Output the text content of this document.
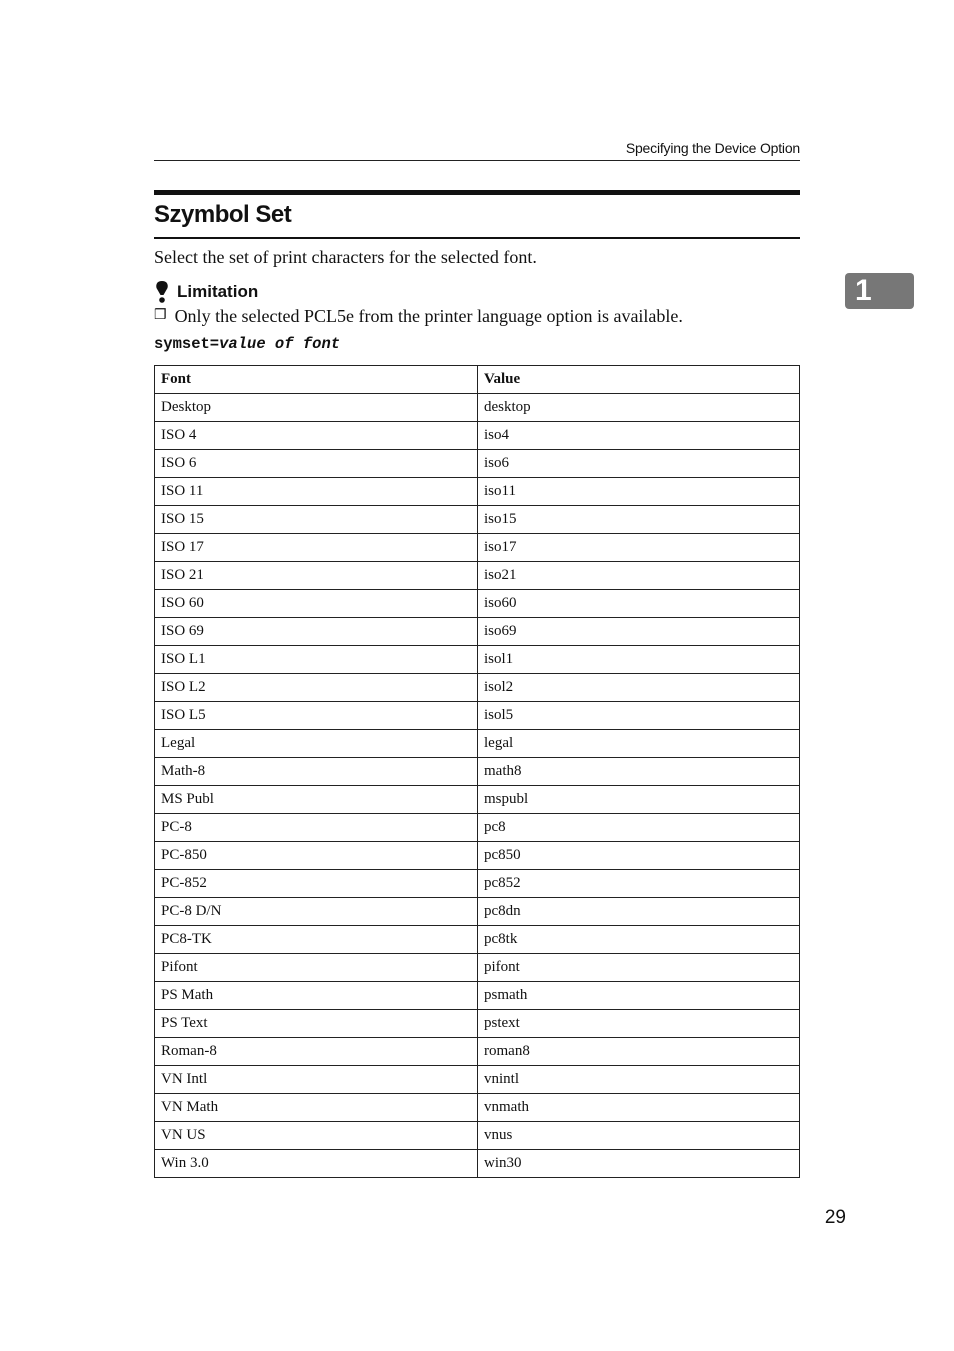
Specifying the Device Option
Szymbol Set

Select the set of print characters for the selected font.

Limitation
❒ Only the selected PCL5e from the printer language option is available.
symset=value of font
Font	Value
Desktop	desktop
ISO 4	iso4
ISO 6	iso6
ISO 11	iso11
ISO 15	iso15
ISO 17	iso17
ISO 21	iso21
ISO 60	iso60
ISO 69	iso69
ISO L1	isol1
ISO L2	isol2
ISO L5	isol5
Legal	legal
Math-8	math8
MS Publ	mspubl
PC-8	pc8
PC-850	pc850
PC-852	pc852
PC-8 D/N	pc8dn
PC8-TK	pc8tk
Pifont	pifont
PS Math	psmath
PS Text	pstext
Roman-8	roman8
VN Intl	vnintl
VN Math	vnmath
VN US	vnus
Win 3.0	win30
1
29
